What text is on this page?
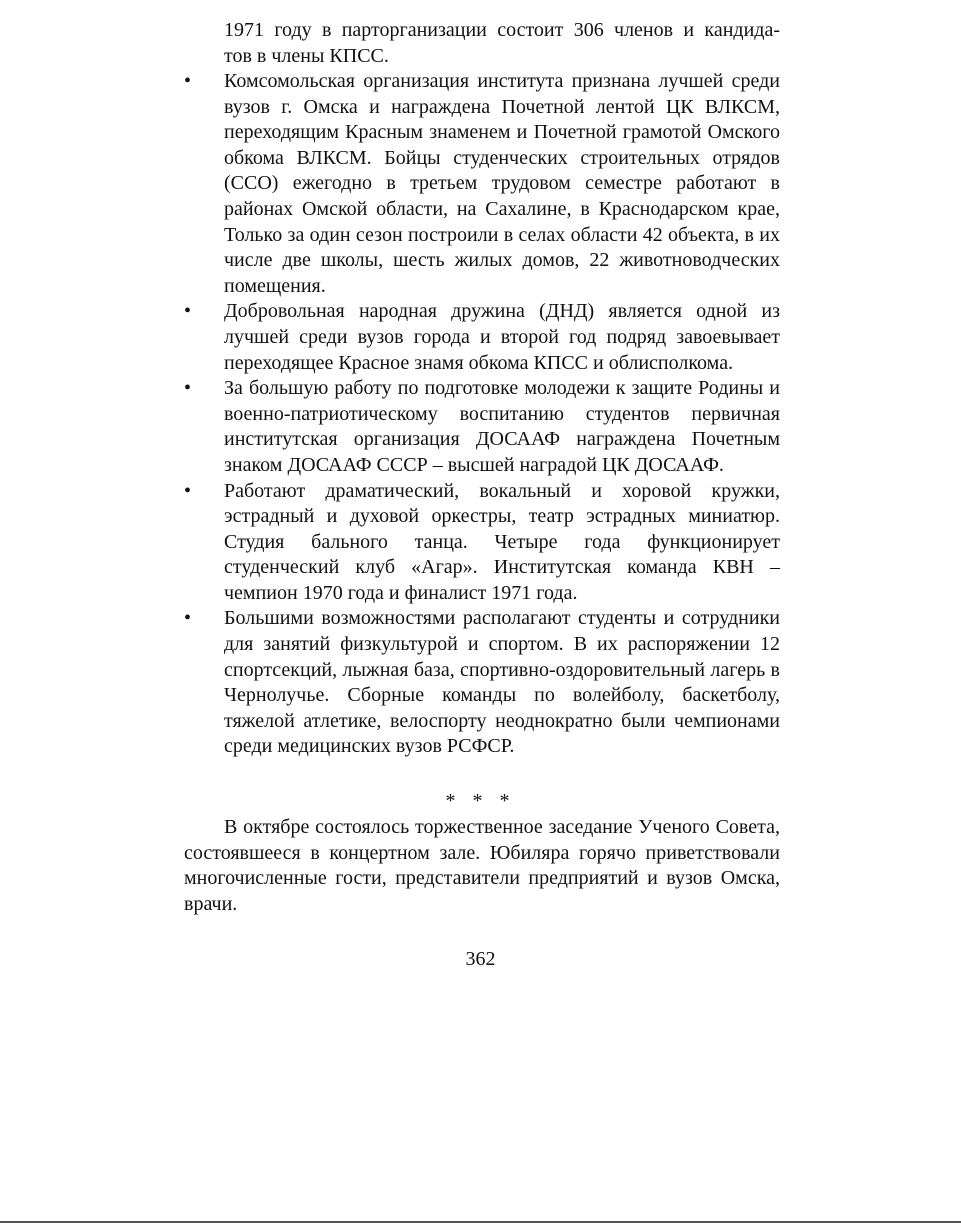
1971 году в парторганизации состоит 306 членов и кандида-
тов в члены КПСС.
• Комсомольская организация института признана лучшей среди вузов г. Омска и награждена Почетной лентой ЦК ВЛКСМ, переходящим Красным знаменем и Почетной грамотой Омского обкома ВЛКСМ. Бойцы студенческих строительных отрядов (ССО) ежегодно в третьем трудовом семестре работают в районах Омской области, на Сахалине, в Краснодарском крае, Только за один сезон построили в селах области 42 объекта, в их числе две школы, шесть жилых домов, 22 животноводческих помещения.
• Добровольная народная дружина (ДНД) является одной из лучшей среди вузов города и второй год подряд завоевывает переходящее Красное знамя обкома КПСС и облисполкома.
• За большую работу по подготовке молодежи к защите Родины и военно-патриотическому воспитанию студентов первичная институтская организация ДОСААФ награждена Почетным знаком ДОСААФ СССР – высшей наградой ЦК ДОСААФ.
• Работают драматический, вокальный и хоровой кружки, эстрадный и духовой оркестры, театр эстрадных миниатюр. Студия бального танца. Четыре года функционирует студенческий клуб «Агар». Институтская команда КВН – чемпион 1970 года и финалист 1971 года.
• Большими возможностями располагают студенты и сотрудники для занятий физкультурой и спортом. В их распоряжении 12 спортсекций, лыжная база, спортивно-оздоровительный лагерь в Чернолучье. Сборные команды по волейболу, баскетболу, тяжелой атлетике, велоспорту неоднократно были чемпионами среди медицинских вузов РСФСР.
* * *

В октябре состоялось торжественное заседание Ученого Совета, состоявшееся в концертном зале. Юбиляра горячо приветствовали многочисленные гости, представители предприятий и вузов Омска, врачи.

362
